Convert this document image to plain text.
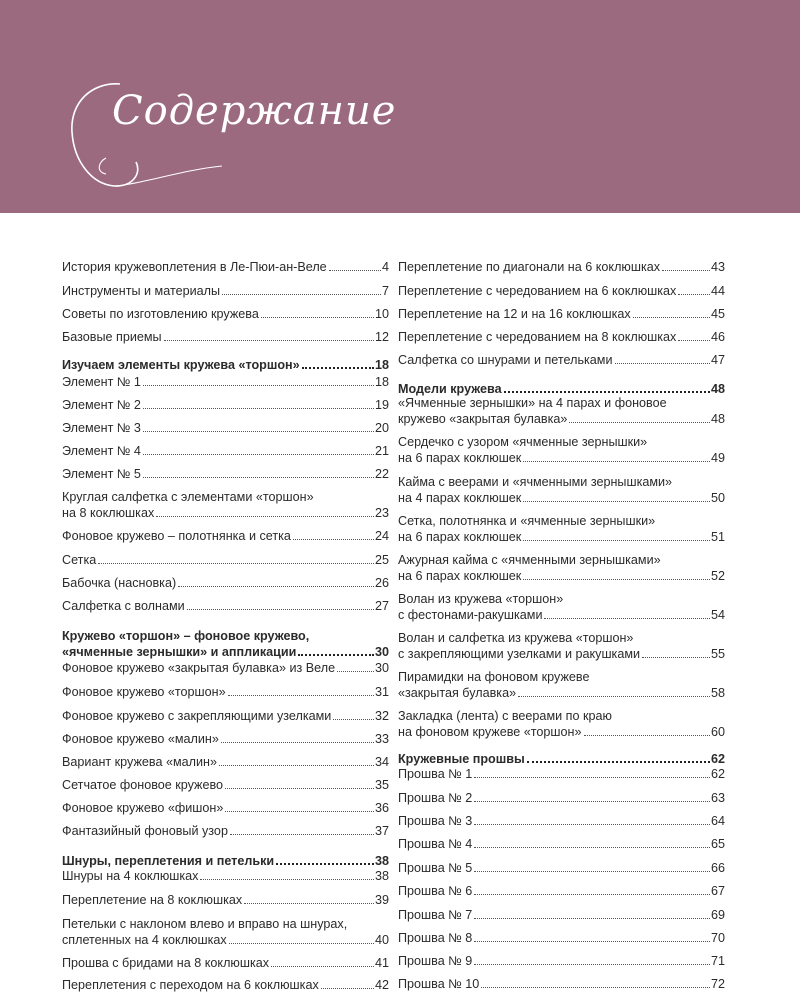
Содержание
История кружевоплетения в Ле-Пюи-ан-Веле	4
Инструменты и материалы	7
Советы по изготовлению кружева	10
Базовые приемы	12
Изучаем элементы кружева «торшон»	18
Элемент № 1	18
Элемент № 2	19
Элемент № 3	20
Элемент № 4	21
Элемент № 5	22
Круглая салфетка с элементами «торшон»
на 8 коклюшках	23
Фоновое кружево – полотнянка и сетка	24
Сетка	25
Бабочка (насновка)	26
Салфетка с волнами	27
Кружево «торшон» – фоновое кружево,
«ячменные зернышки» и аппликации	30
Фоновое кружево «закрытая булавка» из Веле	30
Фоновое кружево «торшон»	31
Фоновое кружево с закрепляющими узелками	32
Фоновое кружево «малин»	33
Вариант кружева «малин»	34
Сетчатое фоновое кружево	35
Фоновое кружево «фишон»	36
Фантазийный фоновый узор	37
Шнуры, переплетения и петельки	38
Шнуры на 4 коклюшках	38
Переплетение на 8 коклюшках	39
Петельки с наклоном влево и вправо на шнурах,
сплетенных на 4 коклюшках	40
Прошва с бридами на 8 коклюшках	41
Переплетения с переходом на 6 коклюшках	42
Переплетение по диагонали на 6 коклюшках	43
Переплетение с чередованием на 6 коклюшках	44
Переплетение на 12 и на 16 коклюшках	45
Переплетение с чередованием на 8 коклюшках	46
Салфетка со шнурами и петельками	47
Модели кружева	48
«Ячменные зернышки» на 4 парах и фоновое
кружево «закрытая булавка»	48
Сердечко с узором «ячменные зернышки»
на 6 парах коклюшек	49
Кайма с веерами и «ячменными зернышками»
на 4 парах коклюшек	50
Сетка, полотнянка и «ячменные зернышки»
на 6 парах коклюшек	51
Ажурная кайма с «ячменными зернышками»
на 6 парах коклюшек	52
Волан из кружева «торшон»
с фестонами-ракушками	54
Волан и салфетка из кружева «торшон»
с закрепляющими узелками и ракушками	55
Пирамидки на фоновом кружеве
«закрытая булавка»	58
Закладка (лента) с веерами по краю
на фоновом кружеве «торшон»	60
Кружевные прошвы	62
Прошва № 1	62
Прошва № 2	63
Прошва № 3	64
Прошва № 4	65
Прошва № 5	66
Прошва № 6	67
Прошва № 7	69
Прошва № 8	70
Прошва № 9	71
Прошва № 10	72
